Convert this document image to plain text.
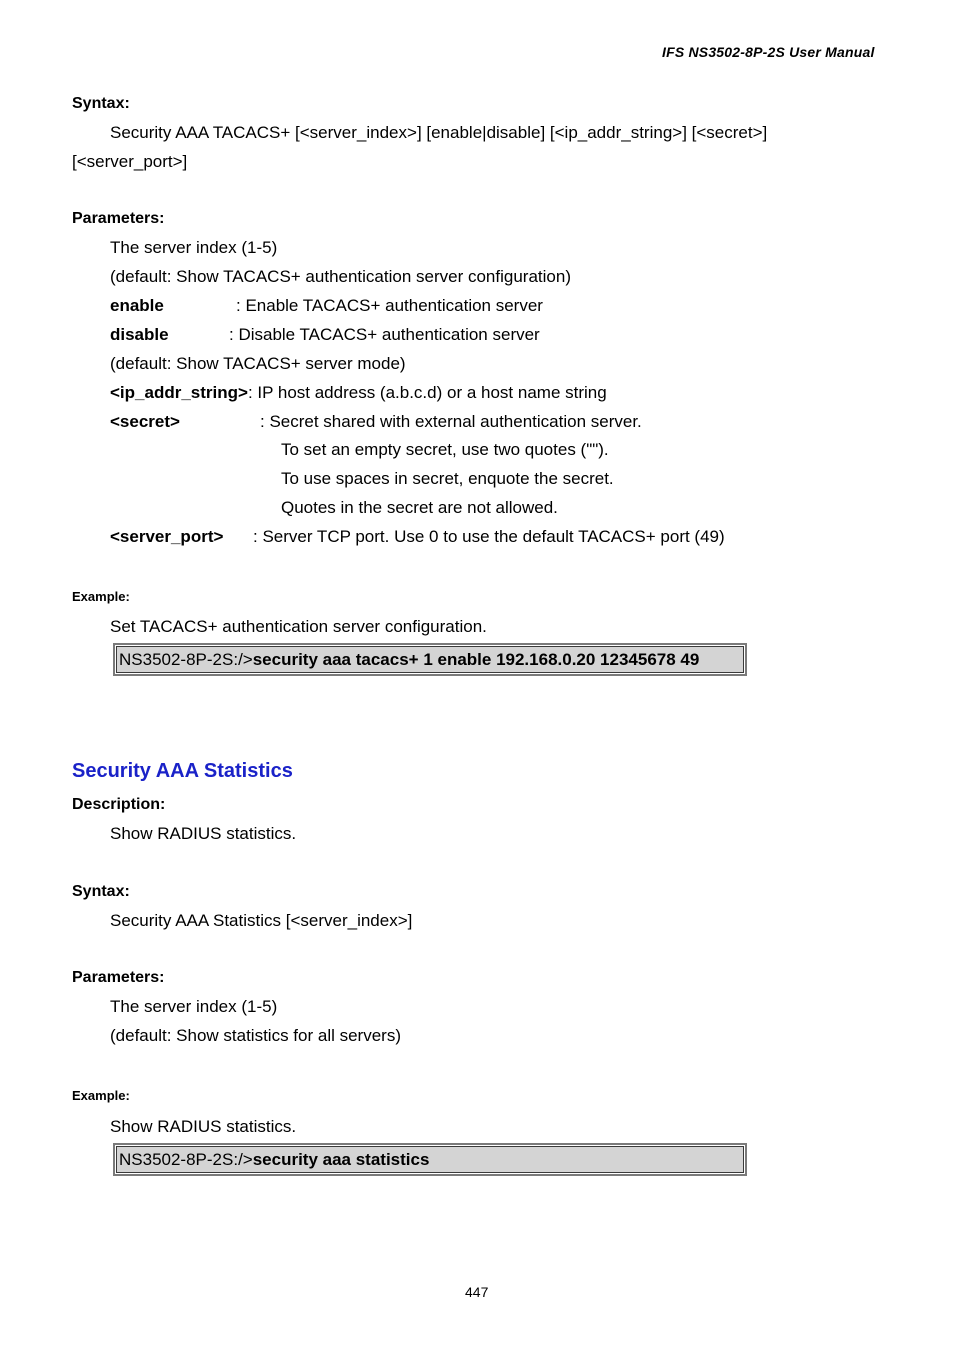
IFS NS3502-8P-2S User Manual
Syntax:
Security AAA TACACS+ [<server_index>] [enable|disable] [<ip_addr_string>] [<secret>]
[<server_port>]
Parameters:
The server index (1-5)
(default: Show TACACS+ authentication server configuration)
enable	: Enable TACACS+ authentication server
disable	: Disable TACACS+ authentication server
(default: Show TACACS+ server mode)
<ip_addr_string>: IP host address (a.b.c.d) or a host name string
<secret>	: Secret shared with external authentication server.
To set an empty secret, use two quotes ("").
To use spaces in secret, enquote the secret.
Quotes in the secret are not allowed.
<server_port> : Server TCP port. Use 0 to use the default TACACS+ port (49)
Example:
Set TACACS+ authentication server configuration.
NS3502-8P-2S:/>security aaa tacacs+ 1 enable 192.168.0.20 12345678 49
Security AAA Statistics
Description:
Show RADIUS statistics.
Syntax:
Security AAA Statistics [<server_index>]
Parameters:
The server index (1-5)
(default: Show statistics for all servers)
Example:
Show RADIUS statistics.
NS3502-8P-2S:/>security aaa statistics
447
